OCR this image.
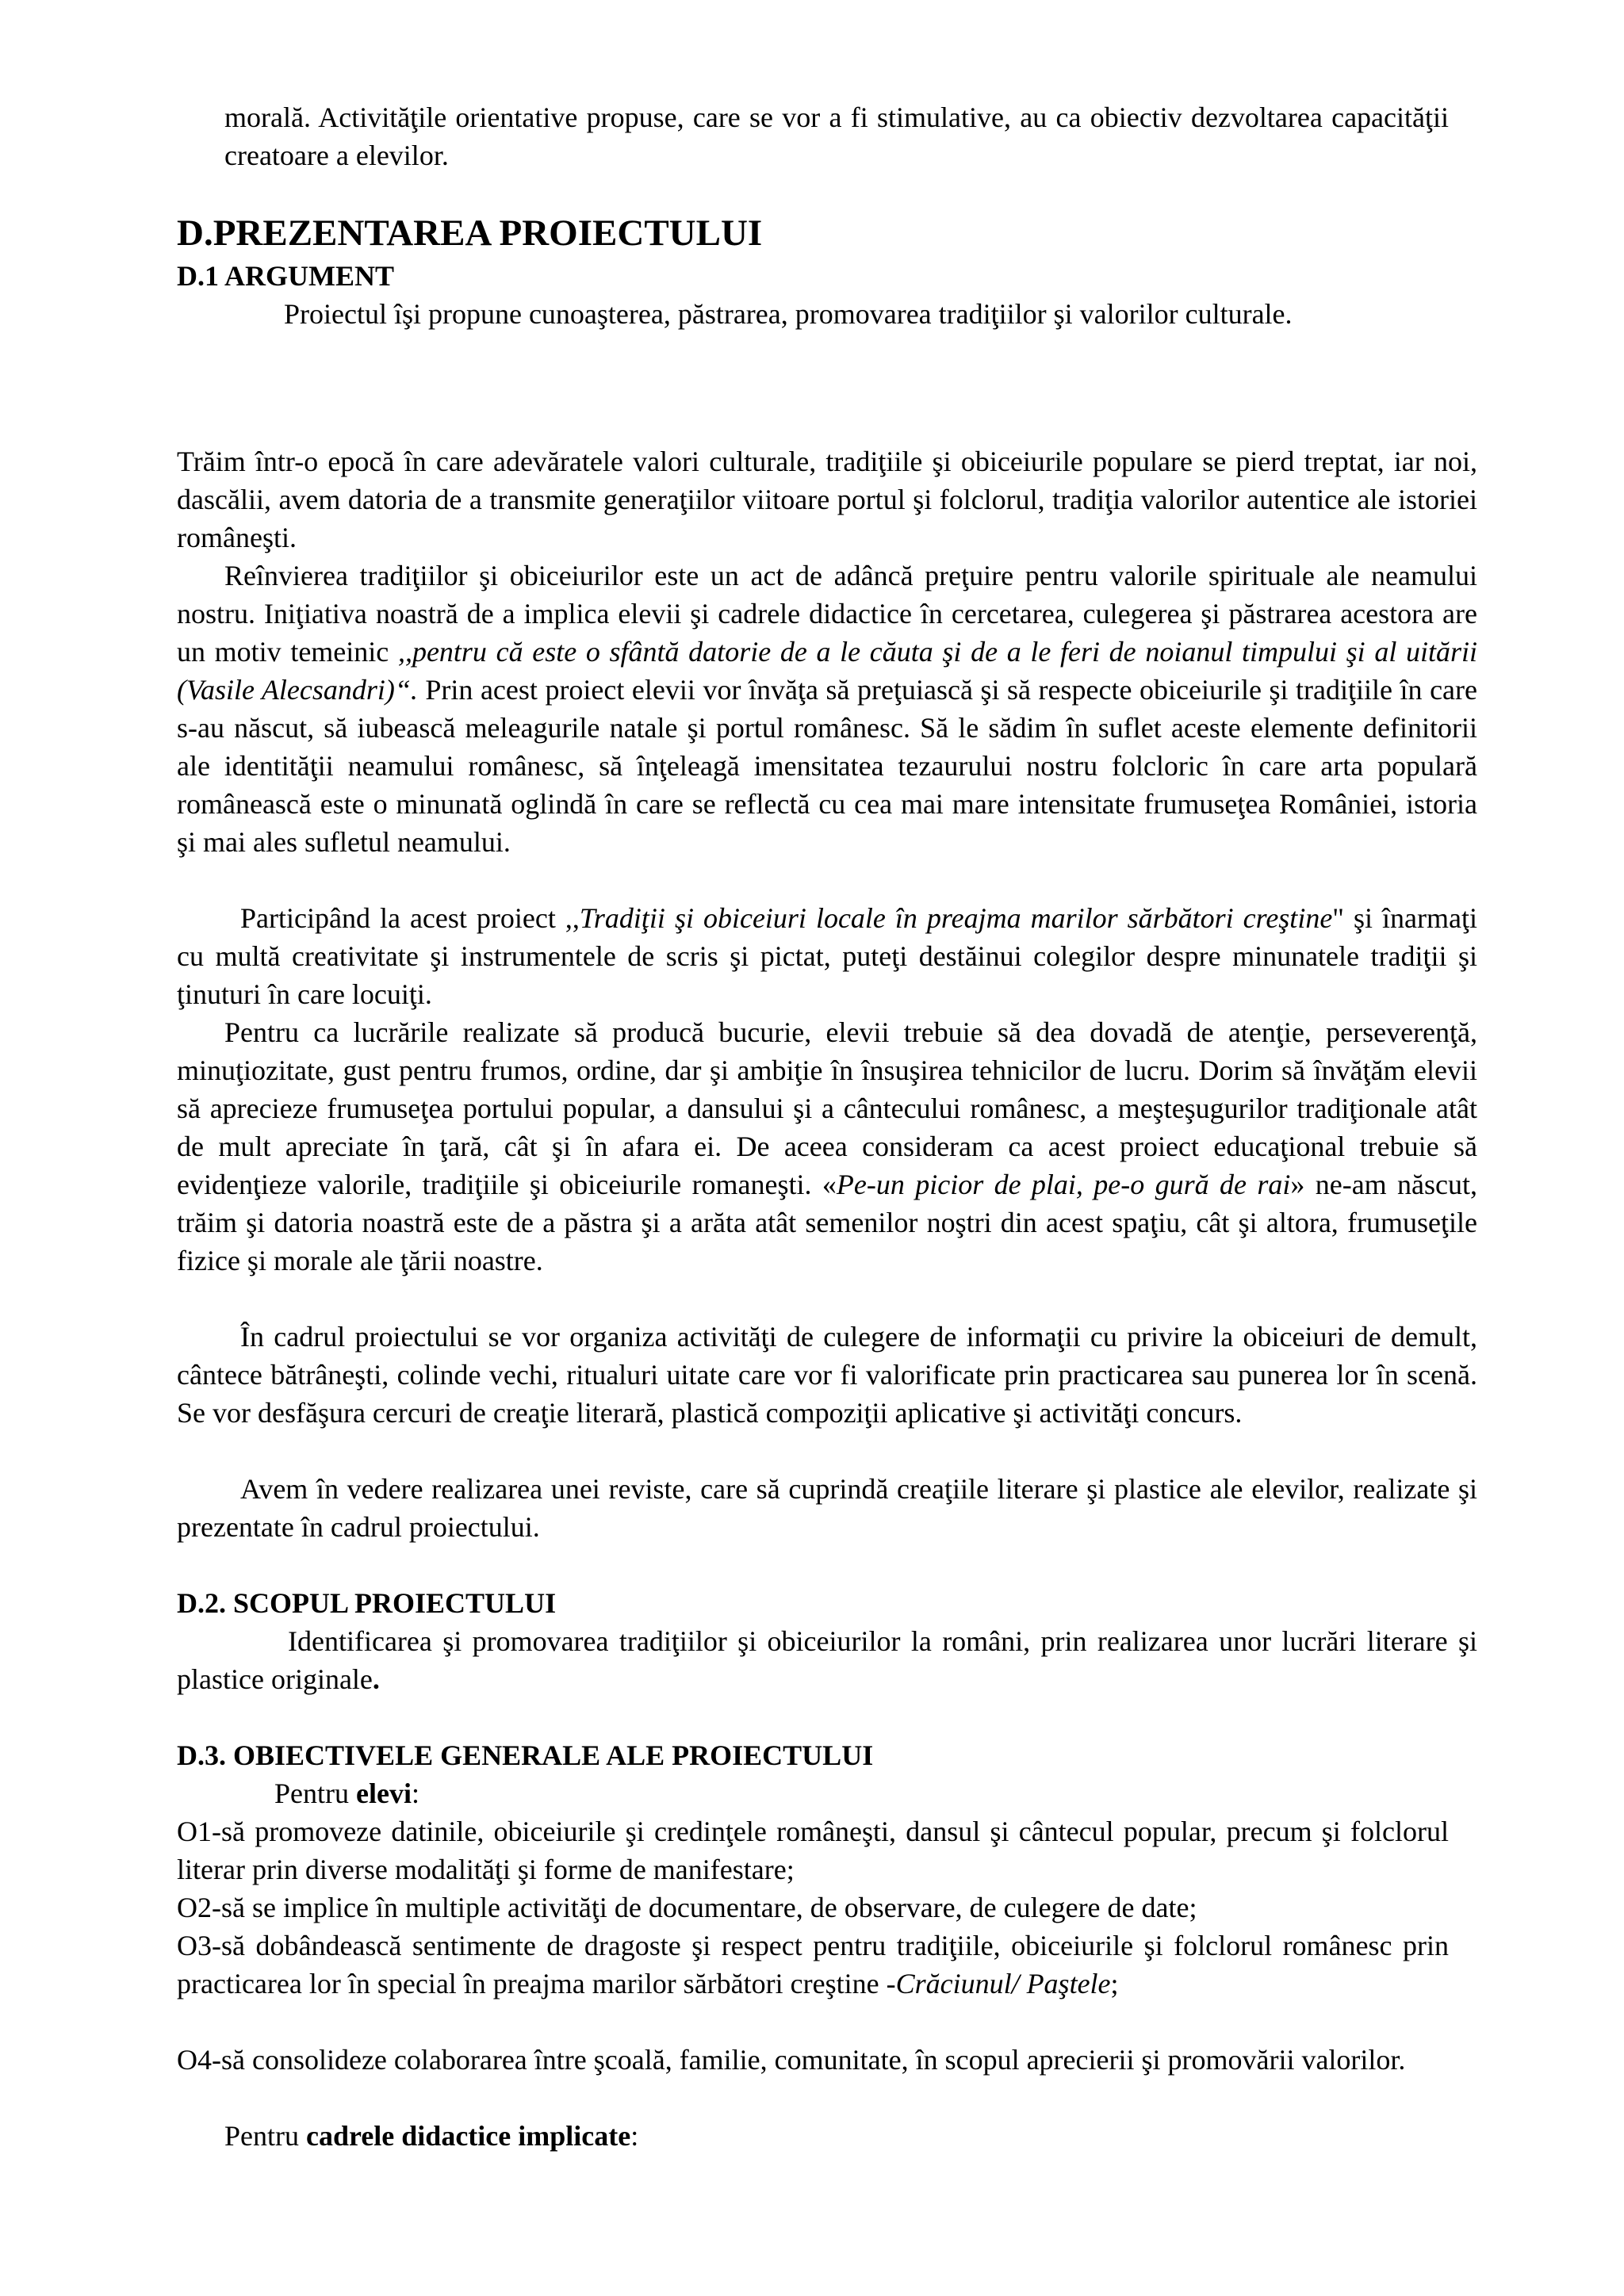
morală. Activităţile orientative propuse, care se vor a fi stimulative, au ca obiectiv dezvoltarea capacităţii creatoare a elevilor.

D.PREZENTAREA PROIECTULUI
D.1 ARGUMENT

Proiectul îşi propune cunoaşterea, păstrarea, promovarea tradiţiilor şi valorilor culturale.

Trăim într-o epocă în care adevăratele valori culturale, tradiţiile şi obiceiurile populare se pierd treptat, iar noi, dascălii, avem datoria de a transmite generaţiilor viitoare portul şi folclorul, tradiţia valorilor autentice ale istoriei româneşti.

Reînvierea tradiţiilor şi obiceiurilor este un act de adâncă preţuire pentru valorile spirituale ale neamului nostru. Iniţiativa noastră de a implica elevii şi cadrele didactice în cercetarea, culegerea şi păstrarea acestora are un motiv temeinic ,,pentru că este o sfântă datorie de a le căuta şi de a le feri de noianul timpului şi al uitării (Vasile Alecsandri)“. Prin acest proiect elevii vor învăţa să preţuiască şi să respecte obiceiurile şi tradiţiile în care s-au născut, să iubească meleagurile natale şi portul românesc. Să le sădim în suflet aceste elemente definitorii ale identităţii neamului românesc, să înţeleagă imensitatea tezaurului nostru folcloric în care arta populară românească este o minunată oglindă în care se reflectă cu cea mai mare intensitate frumuseţea României, istoria şi mai ales sufletul neamului.

Participând la acest proiect ,,Tradiţii şi obiceiuri locale în preajma marilor sărbători creştine" şi înarmaţi cu multă creativitate şi instrumentele de scris şi pictat, puteţi destăinui colegilor despre minunatele tradiţii şi ţinuturi în care locuiţi.

Pentru ca lucrările realizate să producă bucurie, elevii trebuie să dea dovadă de atenţie, perseverenţă, minuţiozitate, gust pentru frumos, ordine, dar şi ambiţie în însuşirea tehnicilor de lucru. Dorim să învăţăm elevii să aprecieze frumuseţea portului popular, a dansului şi a cântecului românesc, a meşteşugurilor tradiţionale atât de mult apreciate în ţară, cât şi în afara ei. De aceea consideram ca acest proiect educaţional trebuie să evidenţieze valorile, tradiţiile şi obiceiurile romaneşti. «Pe-un picior de plai, pe-o gură de rai» ne-am născut, trăim şi datoria noastră este de a păstra şi a arăta atât semenilor noştri din acest spaţiu, cât şi altora, frumuseţile fizice şi morale ale ţării noastre.

În cadrul proiectului se vor organiza activităţi de culegere de informaţii cu privire la obiceiuri de demult, cântece bătrâneşti, colinde vechi, ritualuri uitate care vor fi valorificate prin practicarea sau punerea lor în scenă. Se vor desfăşura cercuri de creaţie literară, plastică compoziţii aplicative şi activităţi concurs.

Avem în vedere realizarea unei reviste, care să cuprindă creaţiile literare şi plastice ale elevilor, realizate şi prezentate în cadrul proiectului.

D.2. SCOPUL PROIECTULUI

Identificarea şi promovarea tradiţiilor şi obiceiurilor la români, prin realizarea unor lucrări literare şi plastice originale.

D.3. OBIECTIVELE GENERALE ALE PROIECTULUI

Pentru elevi:

O1-să promoveze datinile, obiceiurile şi credinţele româneşti, dansul şi cântecul popular, precum şi folclorul literar prin diverse modalităţi şi forme de manifestare;

O2-să se implice în multiple activităţi de documentare, de observare, de culegere de date;

O3-să dobândească sentimente de dragoste şi respect pentru tradiţiile, obiceiurile şi folclorul românesc prin practicarea lor în special în preajma marilor sărbători creştine -Crăciunul/ Paştele;

O4-să consolideze colaborarea între şcoală, familie, comunitate, în scopul aprecierii şi promovării valorilor.

Pentru cadrele didactice implicate:
